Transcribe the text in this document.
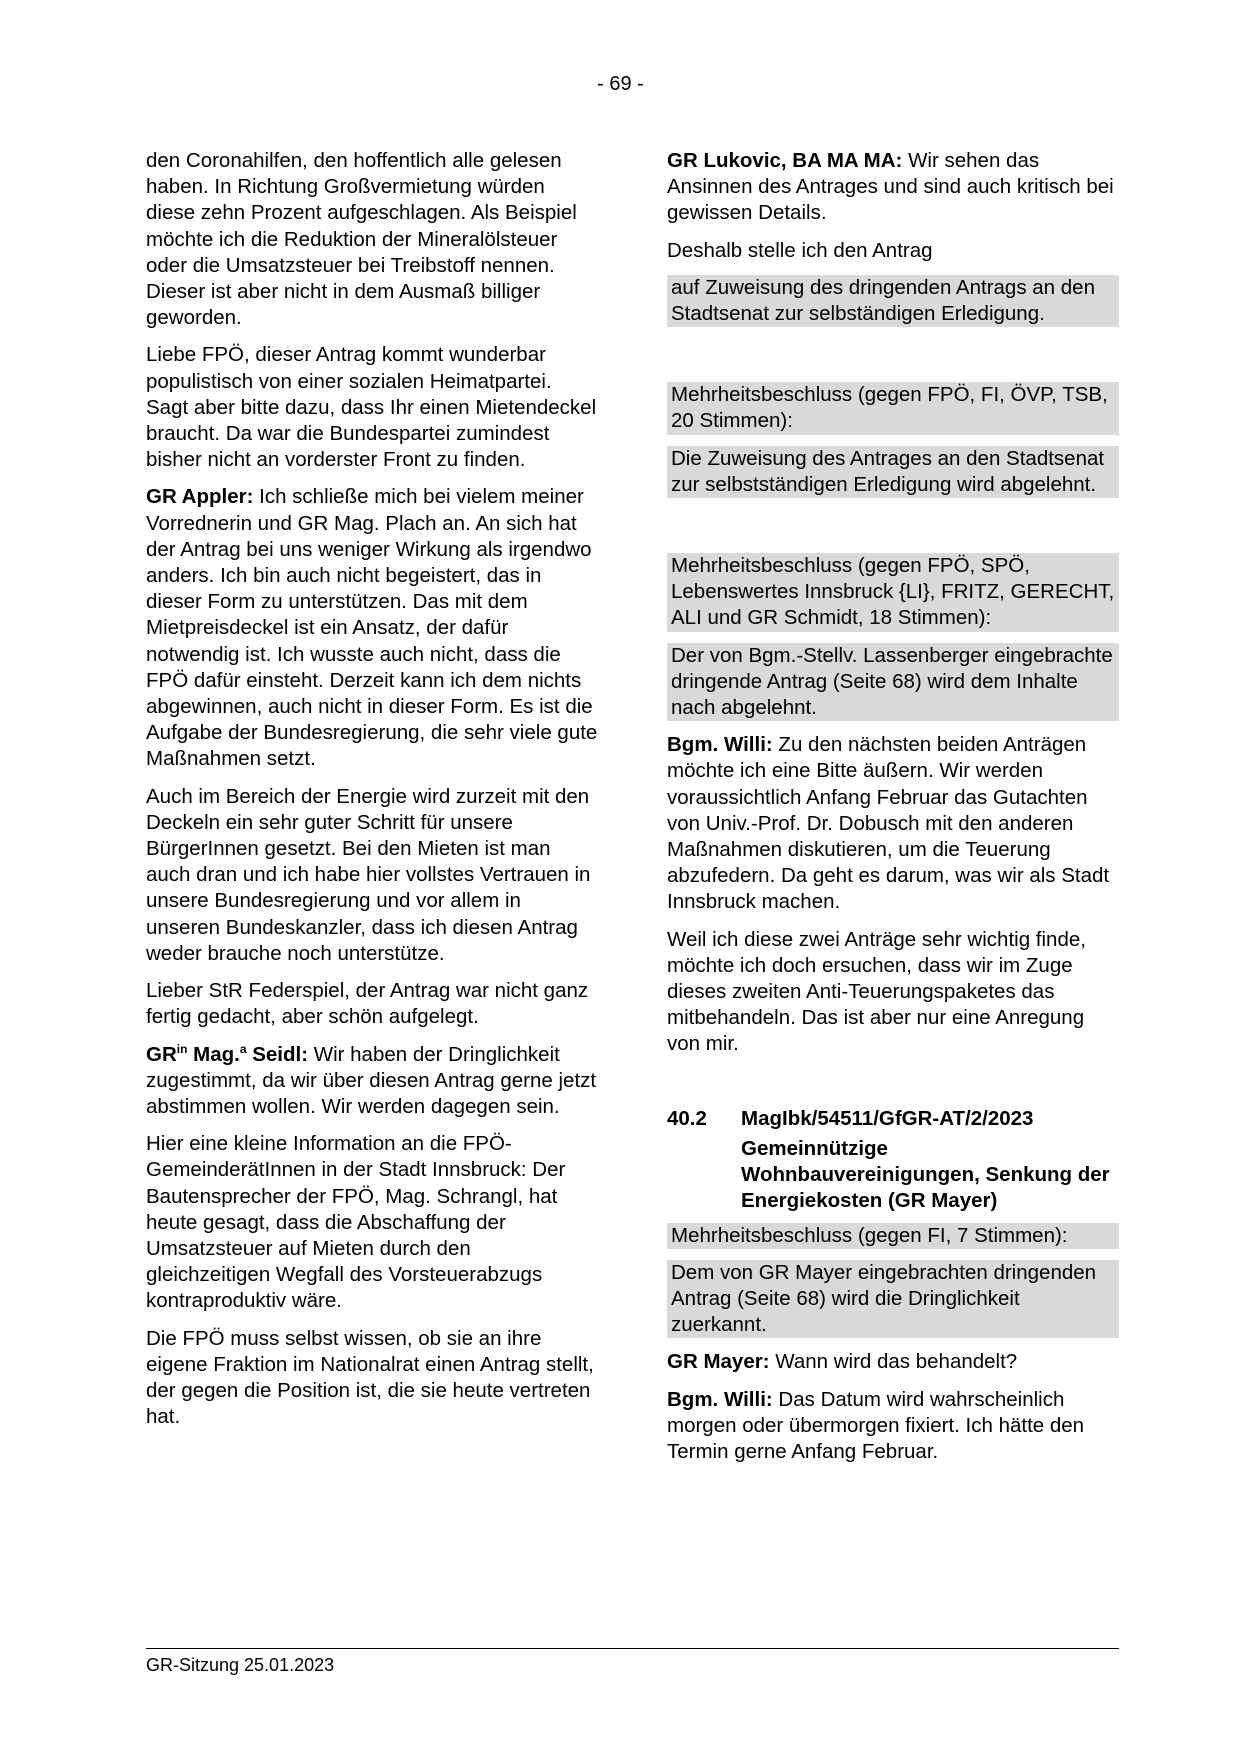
- 69 -

den Coronahilfen, den hoffentlich alle gelesen haben. In Richtung Großvermietung würden diese zehn Prozent aufgeschlagen. Als Beispiel möchte ich die Reduktion der Mineralölsteuer oder die Umsatzsteuer bei Treibstoff nennen. Dieser ist aber nicht in dem Ausmaß billiger geworden.

Liebe FPÖ, dieser Antrag kommt wunderbar populistisch von einer sozialen Heimatpartei. Sagt aber bitte dazu, dass Ihr einen Mietendeckel braucht. Da war die Bundespartei zumindest bisher nicht an vorderster Front zu finden.

GR Appler: Ich schließe mich bei vielem meiner Vorrednerin und GR Mag. Plach an. An sich hat der Antrag bei uns weniger Wirkung als irgendwo anders. Ich bin auch nicht begeistert, das in dieser Form zu unterstützen. Das mit dem Mietpreisdeckel ist ein Ansatz, der dafür notwendig ist. Ich wusste auch nicht, dass die FPÖ dafür einsteht. Derzeit kann ich dem nichts abgewinnen, auch nicht in dieser Form. Es ist die Aufgabe der Bundesregierung, die sehr viele gute Maßnahmen setzt.

Auch im Bereich der Energie wird zurzeit mit den Deckeln ein sehr guter Schritt für unsere BürgerInnen gesetzt. Bei den Mieten ist man auch dran und ich habe hier vollstes Vertrauen in unsere Bundesregierung und vor allem in unseren Bundeskanzler, dass ich diesen Antrag weder brauche noch unterstütze.

Lieber StR Federspiel, der Antrag war nicht ganz fertig gedacht, aber schön aufgelegt.

$GR^{in}$ Mag.$^a$ Seidl: Wir haben der Dringlichkeit zugestimmt, da wir über diesen Antrag gerne jetzt abstimmen wollen. Wir werden dagegen sein.

Hier eine kleine Information an die FPÖ-GemeinderätInnen in der Stadt Innsbruck: Der Bautensprecher der FPÖ, Mag. Schrangl, hat heute gesagt, dass die Abschaffung der Umsatzsteuer auf Mieten durch den gleichzeitigen Wegfall des Vorsteuerabzugs kontraproduktiv wäre.

Die FPÖ muss selbst wissen, ob sie an ihre eigene Fraktion im Nationalrat einen Antrag stellt, der gegen die Position ist, die sie heute vertreten hat.

GR Lukovic, BA MA MA: Wir sehen das Ansinnen des Antrages und sind auch kritisch bei gewissen Details.

Deshalb stelle ich den Antrag

auf Zuweisung des dringenden Antrags an den Stadtsenat zur selbständigen Erledigung.

Mehrheitsbeschluss (gegen FPÖ, FI, ÖVP, TSB, 20 Stimmen):

Die Zuweisung des Antrages an den Stadtsenat zur selbstständigen Erledigung wird abgelehnt.

Mehrheitsbeschluss (gegen FPÖ, SPÖ, Lebenswertes Innsbruck {LI}, FRITZ, GERECHT, ALI und GR Schmidt, 18 Stimmen):

Der von Bgm.-Stellv. Lassenberger eingebrachte dringende Antrag (Seite 68) wird dem Inhalte nach abgelehnt.

Bgm. Willi: Zu den nächsten beiden Anträgen möchte ich eine Bitte äußern. Wir werden voraussichtlich Anfang Februar das Gutachten von Univ.-Prof. Dr. Dobusch mit den anderen Maßnahmen diskutieren, um die Teuerung abzufedern. Da geht es darum, was wir als Stadt Innsbruck machen.

Weil ich diese zwei Anträge sehr wichtig finde, möchte ich doch ersuchen, dass wir im Zuge dieses zweiten Anti-Teuerungspaketes das mitbehandeln. Das ist aber nur eine Anregung von mir.

40.2	MagIbk/54511/GfGR-AT/2/2023
Gemeinnützige Wohnbauvereinigungen, Senkung der Energiekosten (GR Mayer)

Mehrheitsbeschluss (gegen FI, 7 Stimmen):

Dem von GR Mayer eingebrachten dringenden Antrag (Seite 68) wird die Dringlichkeit zuerkannt.

GR Mayer: Wann wird das behandelt?

Bgm. Willi: Das Datum wird wahrscheinlich morgen oder übermorgen fixiert. Ich hätte den Termin gerne Anfang Februar.

GR-Sitzung 25.01.2023
